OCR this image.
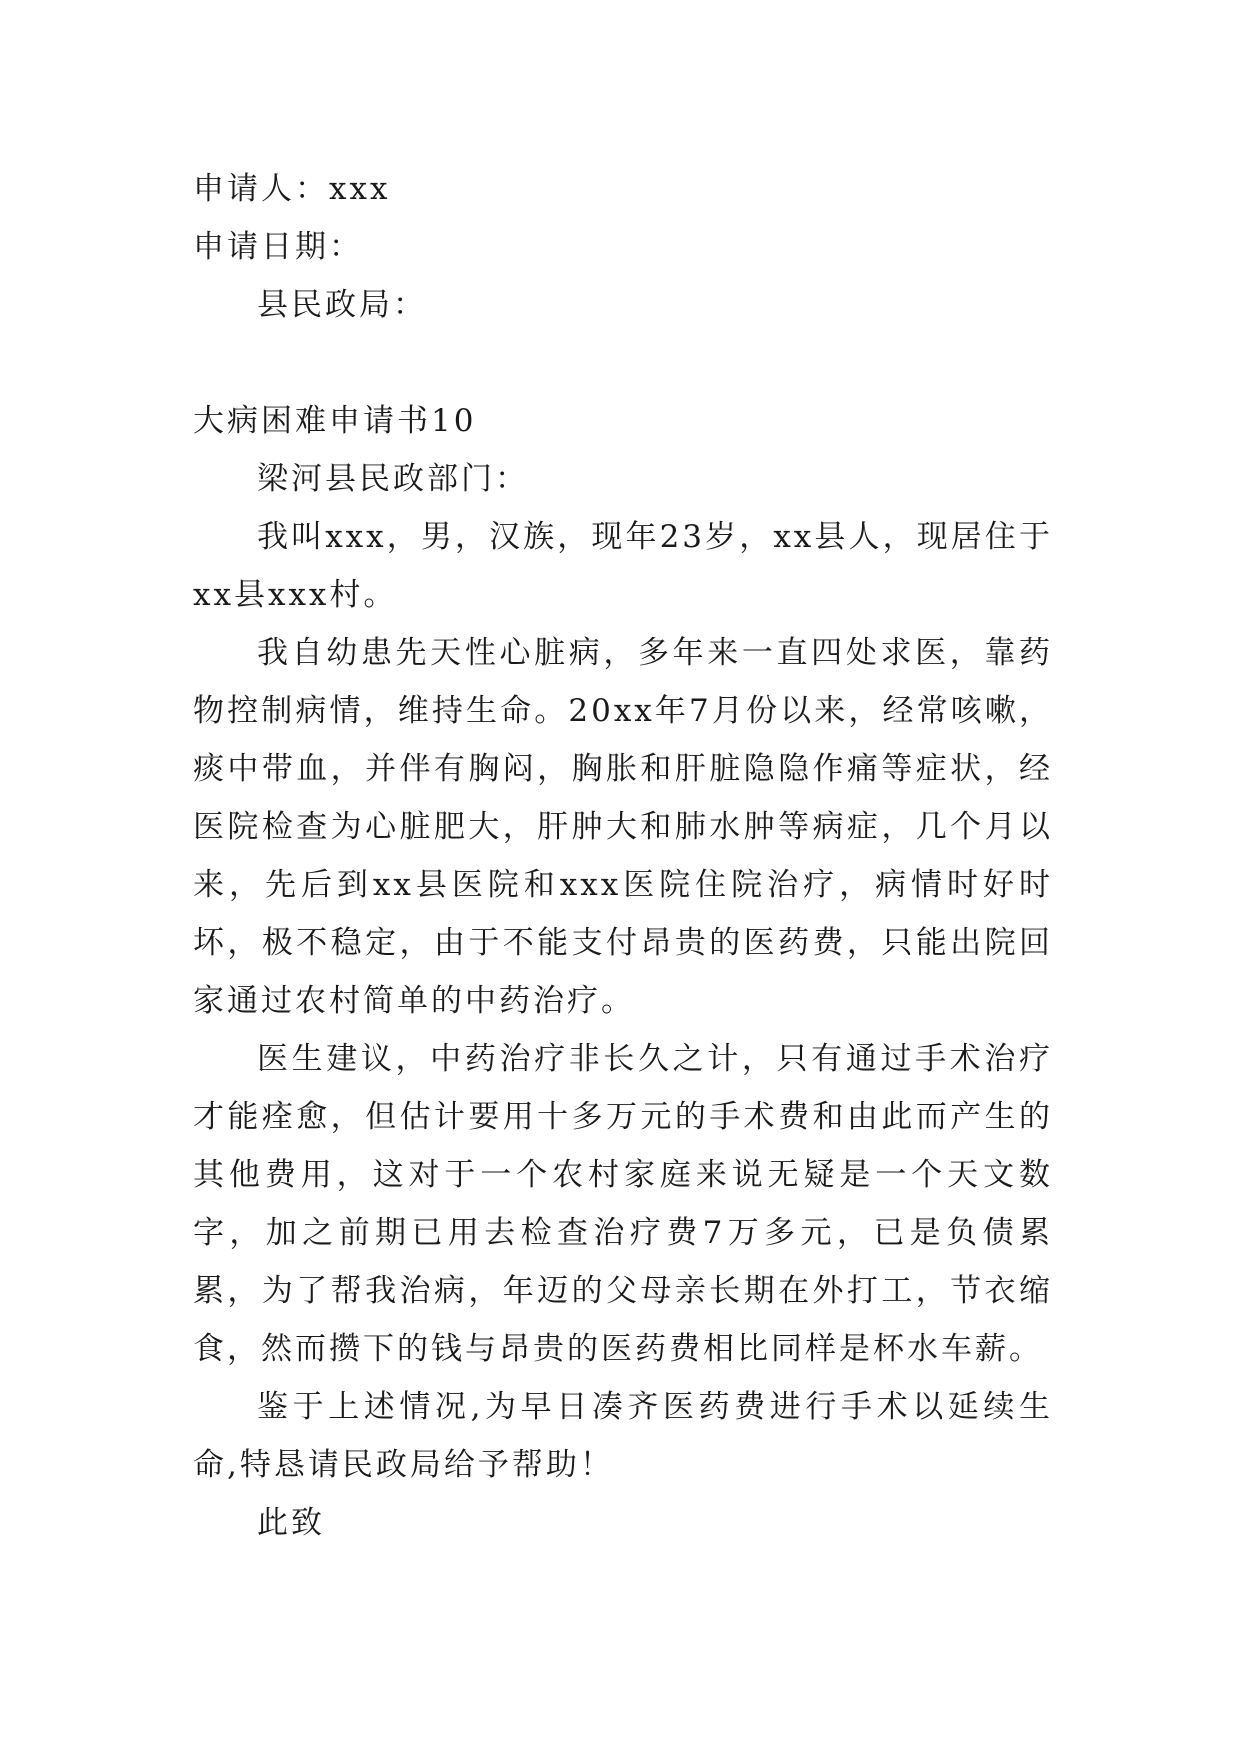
申请人：xxx

申请日期：

县民政局：

大病困难申请书10

梁河县民政部门：

我叫xxx，男，汉族，现年23岁，xx县人，现居住于xx县xxx村。

我自幼患先天性心脏病，多年来一直四处求医，靠药物控制病情，维持生命。20xx年7月份以来，经常咳嗽，痰中带血，并伴有胸闷，胸胀和肝脏隐隐作痛等症状，经医院检查为心脏肥大，肝肿大和肺水肿等病症，几个月以来，先后到xx县医院和xxx医院住院治疗，病情时好时坏，极不稳定，由于不能支付昂贵的医药费，只能出院回家通过农村简单的中药治疗。

医生建议，中药治疗非长久之计，只有通过手术治疗才能痊愈，但估计要用十多万元的手术费和由此而产生的其他费用，这对于一个农村家庭来说无疑是一个天文数字，加之前期已用去检查治疗费7万多元，已是负债累累，为了帮我治病，年迈的父母亲长期在外打工，节衣缩食，然而攒下的钱与昂贵的医药费相比同样是杯水车薪。

鉴于上述情况,为早日凑齐医药费进行手术以延续生命,特恳请民政局给予帮助！

此致
